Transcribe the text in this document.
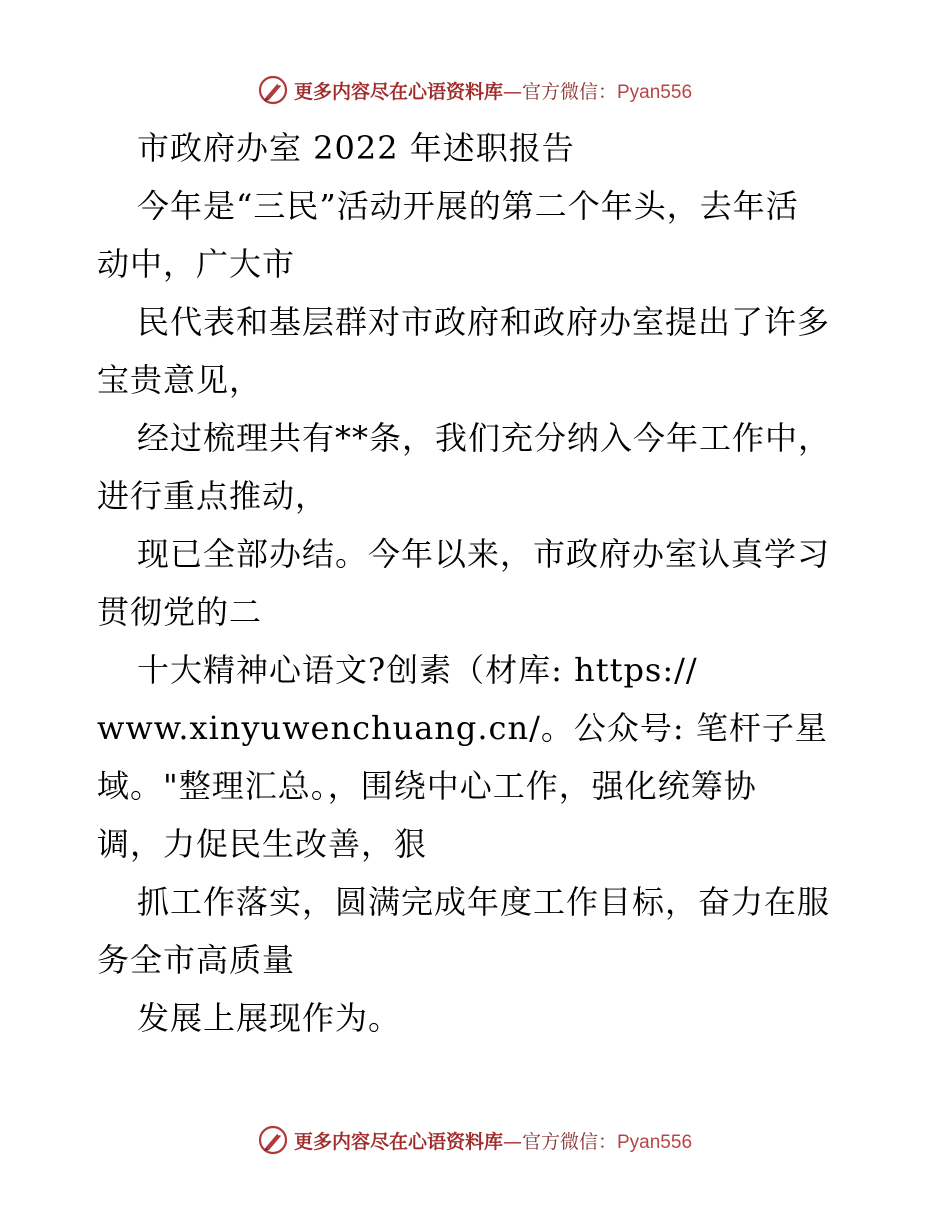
更多内容尽在心语资料库—官方微信：Pyan556
市政府办室 2022 年述职报告
今年是“三民”活动开展的第二个年头，去年活
动中，广大市
民代表和基层群对市政府和政府办室提出了许多
宝贵意见，
经过梳理共有**条，我们充分纳入今年工作中，
进行重点推动，
现已全部办结。今年以来，市政府办室认真学习
贯彻党的二
十大精神心语文?创素（材库: https://
www.xinyuwenchuang.cn/。公众号: 笔杆子星
域。"整理汇总。，围绕中心工作，强化统筹协
调，力促民生改善，狠
抓工作落实，圆满完成年度工作目标，奋力在服
务全市高质量
发展上展现作为。
更多内容尽在心语资料库—官方微信：Pyan556
